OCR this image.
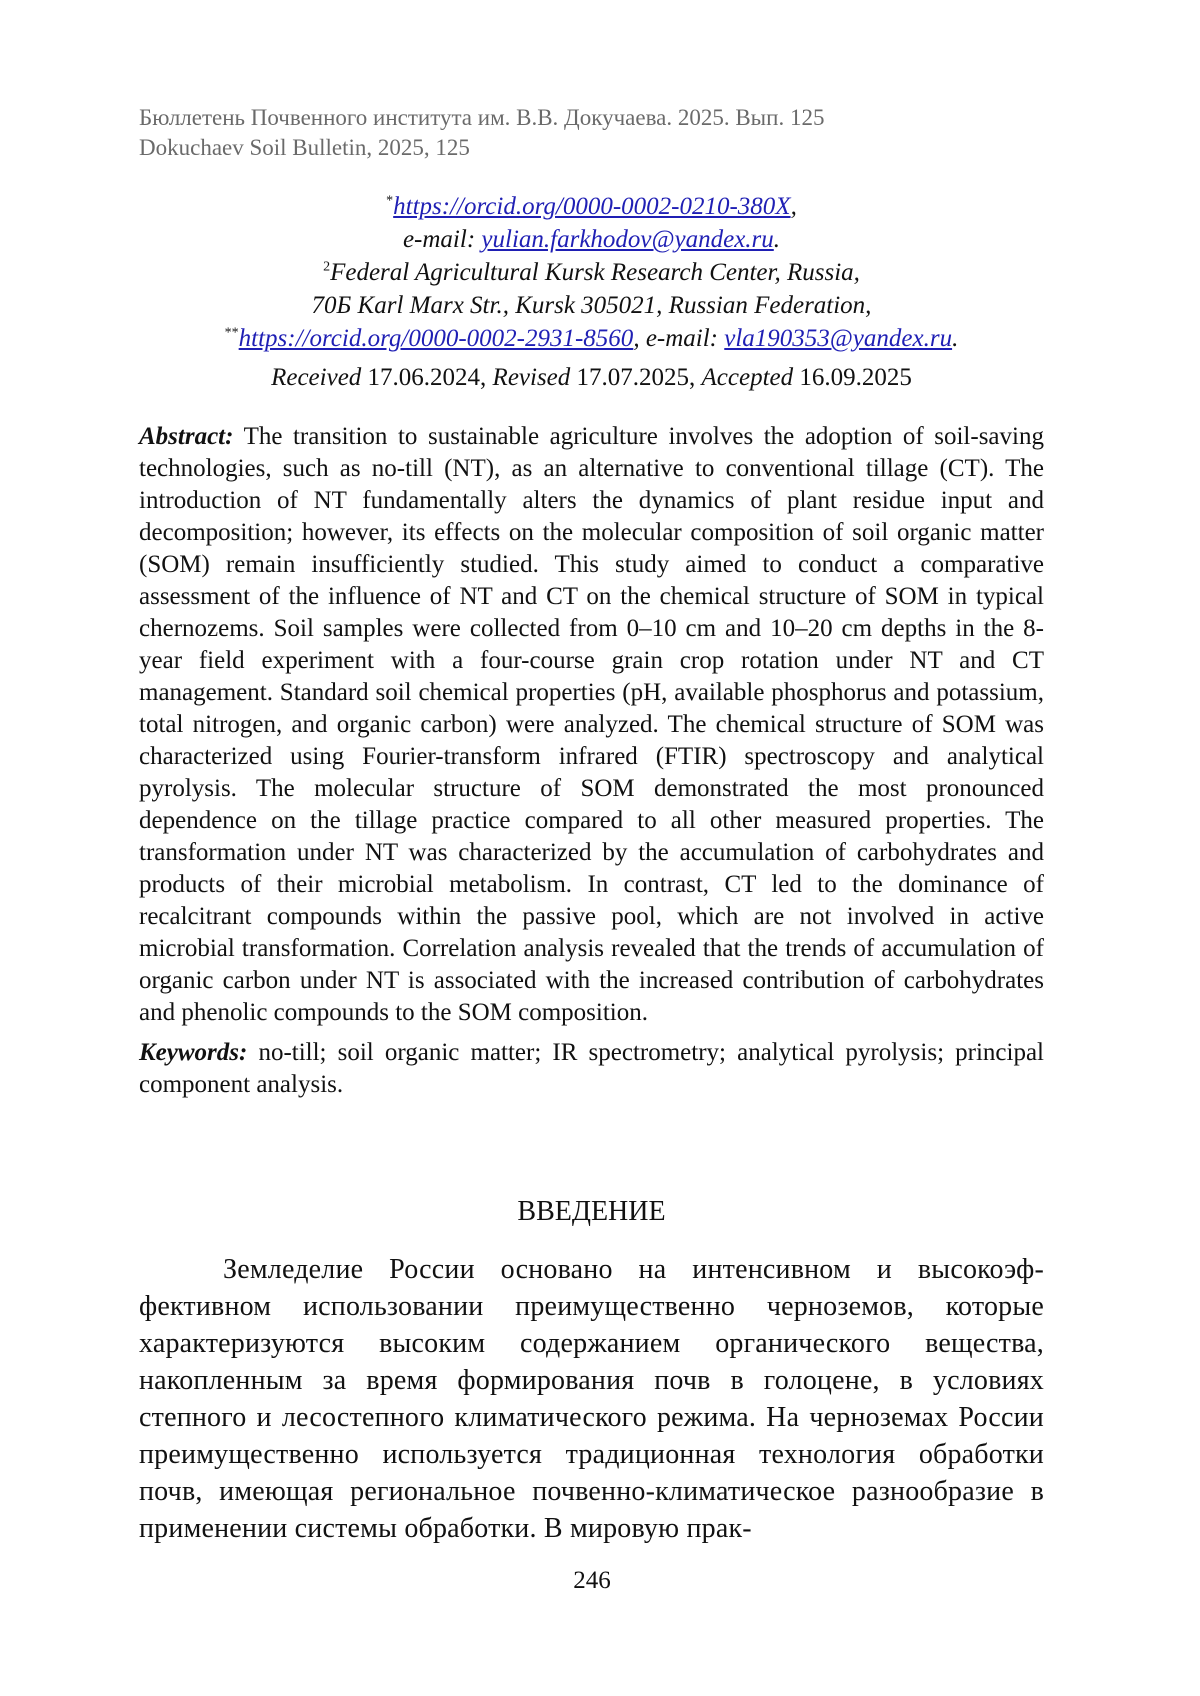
Бюллетень Почвенного института им. В.В. Докучаева. 2025. Вып. 125
Dokuchaev Soil Bulletin, 2025, 125
*https://orcid.org/0000-0002-0210-380X,
e-mail: yulian.farkhodov@yandex.ru.
$^2$Federal Agricultural Kursk Research Center, Russia,
70Б Karl Marx Str., Kursk 305021, Russian Federation,
**https://orcid.org/0000-0002-2931-8560, e-mail: vla190353@yandex.ru.
Received 17.06.2024, Revised 17.07.2025, Accepted 16.09.2025

Abstract: The transition to sustainable agriculture involves the adoption of soil-saving technologies, such as no-till (NT), as an alternative to conventional tillage (CT). The introduction of NT fundamentally alters the dynamics of plant residue input and decomposition; however, its effects on the molecular composition of soil organic matter (SOM) remain insufficiently studied. This study aimed to conduct a comparative assessment of the influence of NT and CT on the chemical structure of SOM in typical chernozems. Soil samples were collected from 0–10 cm and 10–20 cm depths in the 8-year field experiment with a four-course grain crop rotation under NT and CT management. Standard soil chemical properties (pH, available phosphorus and potassium, total nitrogen, and organic carbon) were analyzed. The chemical structure of SOM was characterized using Fourier-transform infrared (FTIR) spectroscopy and analytical pyrolysis. The molecular structure of SOM demonstrated the most pronounced dependence on the tillage practice compared to all other measured properties. The transformation under NT was characterized by the accumulation of carbohydrates and products of their microbial metabolism. In contrast, CT led to the dominance of recalcitrant compounds within the passive pool, which are not involved in active microbial transformation. Correlation analysis revealed that the trends of accumulation of organic carbon under NT is associated with the increased contribution of carbohydrates and phenolic compounds to the SOM composition.

Keywords: no-till; soil organic matter; IR spectrometry; analytical pyrolysis; principal component analysis.

ВВЕДЕНИЕ

Земледелие России основано на интенсивном и высокоэф-фективном использовании преимущественно черноземов, которые характеризуются высоким содержанием органического вещества, накопленным за время формирования почв в голоцене, в условиях степного и лесостепного климатического режима. На черноземах России преимущественно используется традиционная технология обработки почв, имеющая региональное почвенно-климатическое разнообразие в применении системы обработки. В мировую прак-

246
